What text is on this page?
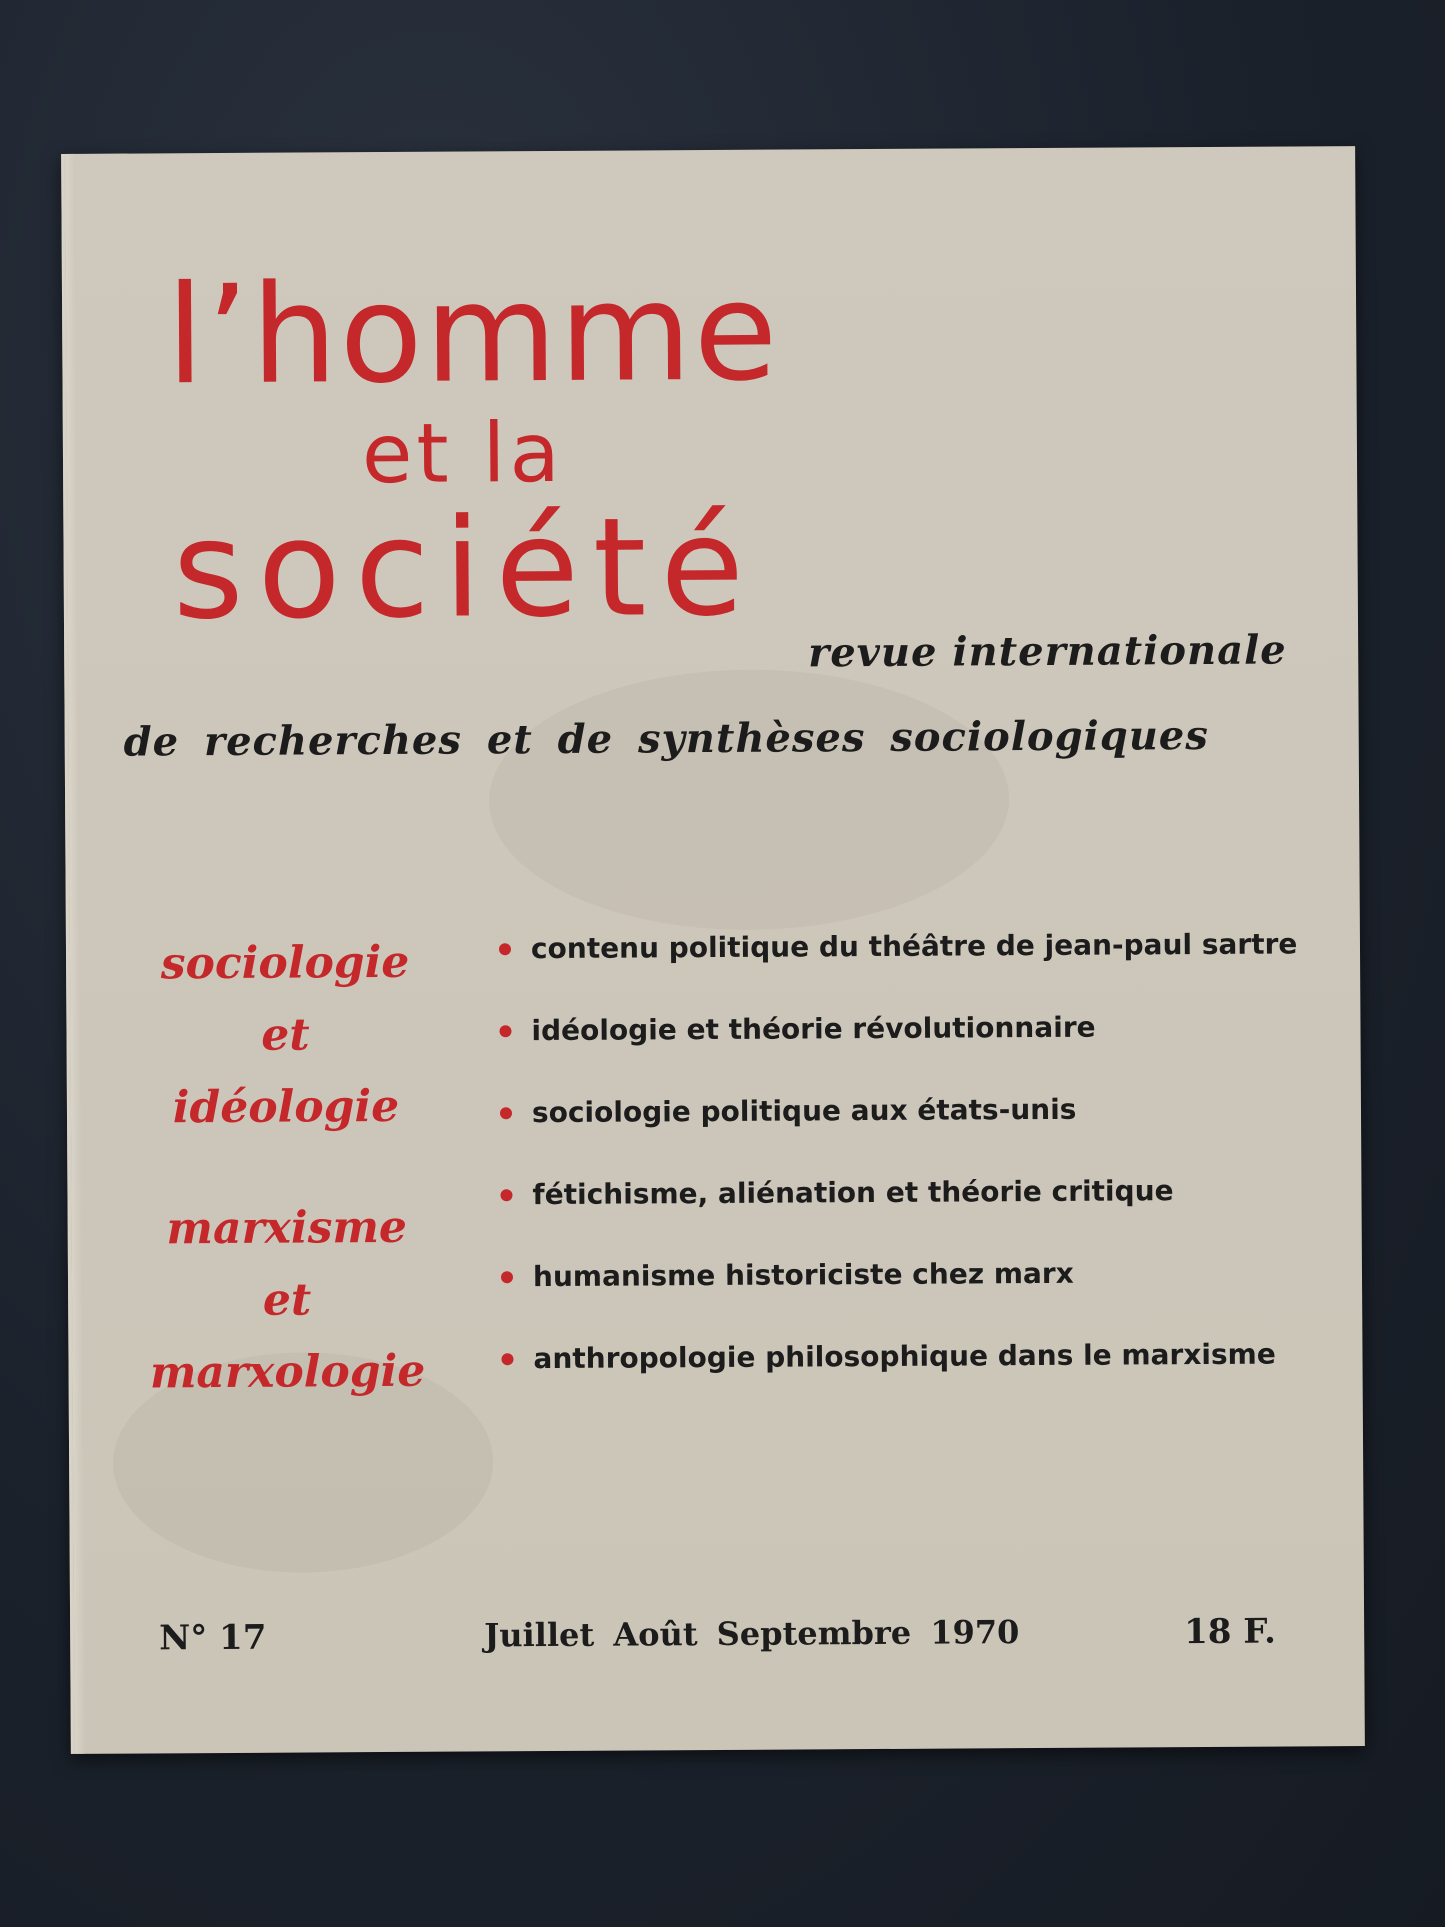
l’homme
et la
société

revue internationale

de recherches et de synthèses sociologiques

sociologie
et
idéologie
marxisme
et
marxologie
contenu politique du théâtre de jean-paul sartre
idéologie et théorie révolutionnaire
sociologie politique aux états-unis
fétichisme, aliénation et théorie critique
humanisme historiciste chez marx
anthropologie philosophique dans le marxisme

N° 17	Juillet Août Septembre 1970	18 F.
